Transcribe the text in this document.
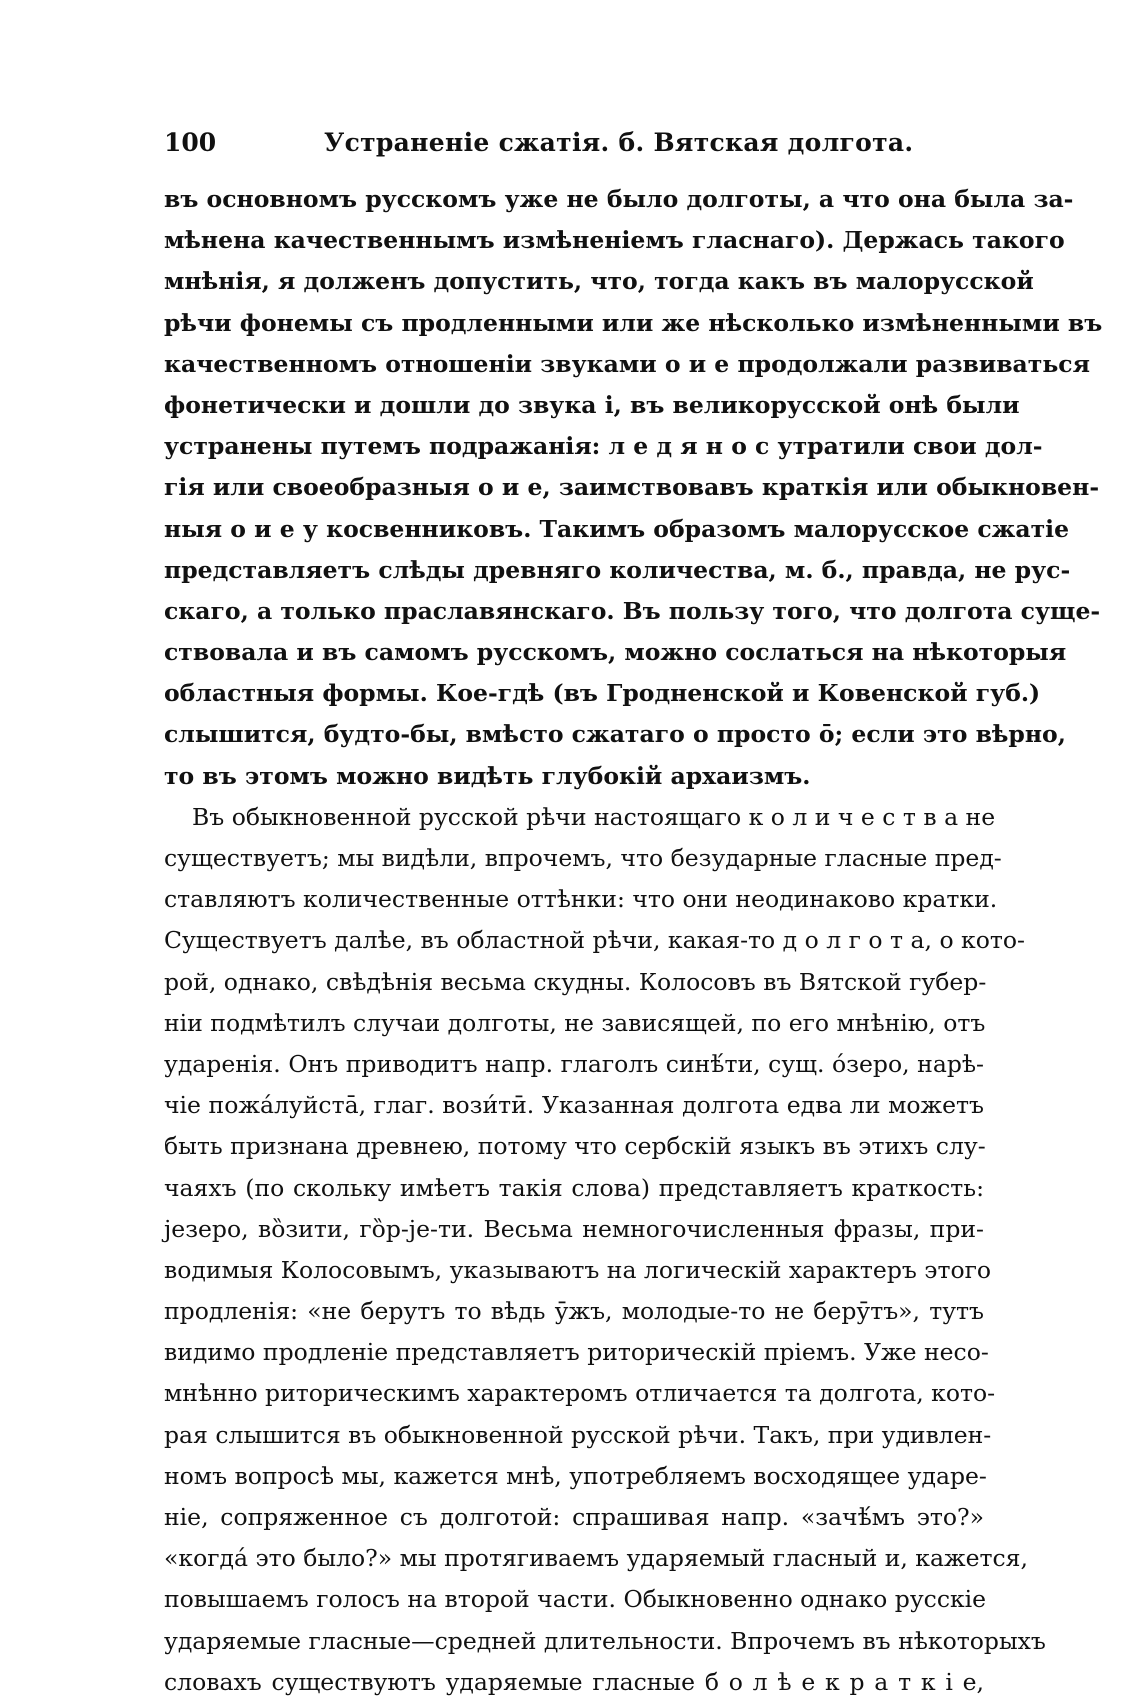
100	Устраненіе сжатія. б. Вятская долгота.
въ основномъ русскомъ уже не было долготы, а что она была за-
мѣнена качественнымъ измѣненіемъ гласнаго). Держась такого
мнѣнія, я долженъ допустить, что, тогда какъ въ малорусской
рѣчи фонемы съ продленными или же нѣсколько измѣненными въ
качественномъ отношеніи звуками о и е продолжали развиваться
фонетически и дошли до звука і, въ великорусской онѣ были
устранены путемъ подражанія: л е д я н о с утратили свои дол-
гія или своеобразныя о и е, заимствовавъ краткія или обыкновен-
ныя о и е у косвенниковъ. Такимъ образомъ малорусское сжатіе
представляетъ слѣды древняго количества, м. б., правда, не рус-
скаго, а только праславянскаго. Въ пользу того, что долгота суще-
ствовала и въ самомъ русскомъ, можно сослаться на нѣкоторыя
областныя формы. Кое-гдѣ (въ Гродненской и Ковенской губ.)
слышится, будто-бы, вмѣсто сжатаго о просто ō; если это вѣрно,
то въ этомъ можно видѣть глубокій архаизмъ.
Въ обыкновенной русской рѣчи настоящаго к о л и ч е с т в а не
существуетъ; мы видѣли, впрочемъ, что безударные гласные пред-
ставляютъ количественные оттѣнки: что они неодинаково кратки.
Существуетъ далѣе, въ областной рѣчи, какая-то д о л г о т а, о кото-
рой, однако, свѣдѣнія весьма скудны. Колосовъ въ Вятской губер-
ніи подмѣтилъ случаи долготы, не зависящей, по его мнѣнію, отъ
ударенія. Онъ приводитъ напр. глаголъ синѣ́ти, сущ. о́зеро, нарѣ-
чіе пожа́луйста̄, глаг. вози́тӣ. Указанная долгота едва ли можетъ
быть признана древнею, потому что сербскій языкъ въ этихъ слу-
чаяхъ (по скольку имѣетъ такія слова) представляетъ краткость:
jезеро, во̏зити, го̏р-jе-ти. Весьма немногочисленныя фразы, при-
водимыя Колосовымъ, указываютъ на логическій характеръ этого
продленія: «не берутъ то вѣдь ӯжъ, молодые-то не берӯтъ», тутъ
видимо продленіе представляетъ риторическій пріемъ. Уже несо-
мнѣнно риторическимъ характеромъ отличается та долгота, кото-
рая слышится въ обыкновенной русской рѣчи. Такъ, при удивлен-
номъ вопросѣ мы, кажется мнѣ, употребляемъ восходящее ударе-
ніе, сопряженное съ долготой: спрашивая напр. «зачѣ́мъ это?»
«когда́ это было?» мы протягиваемъ ударяемый гласный и, кажется,
повышаемъ голосъ на второй части. Обыкновенно однако русскіе
ударяемые гласные—средней длительности. Впрочемъ въ нѣкоторыхъ
словахъ существуютъ ударяемые гласные б о л ѣ е к р а т к і е,
